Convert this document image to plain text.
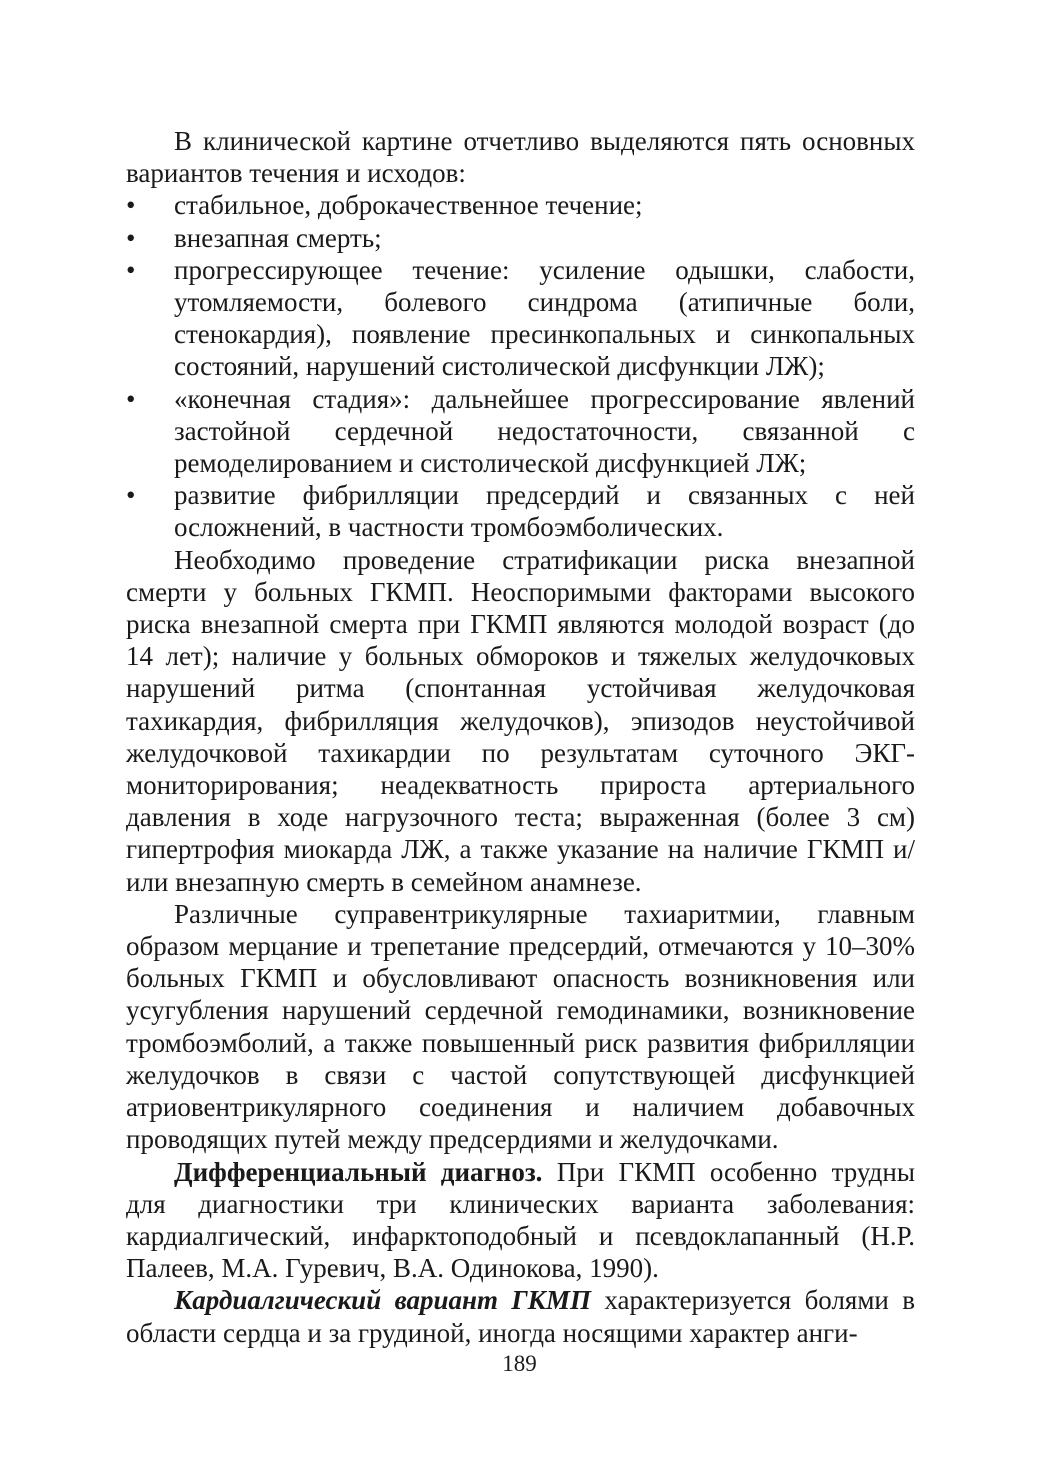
В клинической картине отчетливо выделяются пять основных вариантов течения и исходов:

•	стабильное, доброкачественное течение;
•	внезапная смерть;
•	прогрессирующее течение: усиление одышки, слабости, утомляемости, болевого синдрома (атипичные боли, стенокардия), появление пресинкопальных и синкопальных состояний, нарушений систолической дисфункции ЛЖ);
•	«конечная стадия»: дальнейшее прогрессирование явлений застойной сердечной недостаточности, связанной с ремоделированием и систолической дисфункцией ЛЖ;
•	развитие фибрилляции предсердий и связанных с ней осложнений, в частности тромбоэмболических.

Необходимо проведение стратификации риска внезапной смерти у больных ГКМП. Неоспоримыми факторами высокого риска внезапной смерта при ГКМП являются молодой возраст (до 14 лет); наличие у больных обмороков и тяжелых желудочковых нарушений ритма (спонтанная устойчивая желудочковая тахикардия, фибрилляция желудочков), эпизодов неустойчивой желудочковой тахикардии по результатам суточного ЭКГ-мониторирования; неадекватность прироста артериального давления в ходе нагрузочного теста; выраженная (более 3 см) гипертрофия миокарда ЛЖ, а также указание на наличие ГКМП и/или внезапную смерть в семейном анамнезе.

Различные суправентрикулярные тахиаритмии, главным образом мерцание и трепетание предсердий, отмечаются у 10–30% больных ГКМП и обусловливают опасность возникновения или усугубления нарушений сердечной гемодинамики, возникновение тромбоэмболий, а также повышенный риск развития фибрилляции желудочков в связи с частой сопутствующей дисфункцией атриовентрикулярного соединения и наличием добавочных проводящих путей между предсердиями и желудочками.

Дифференциальный диагноз. При ГКМП особенно трудны для диагностики три клинических варианта заболевания: кардиалгический, инфарктоподобный и псевдоклапанный (Н.Р. Палеев, М.А. Гуревич, В.А. Одинокова, 1990).

Кардиалгический вариант ГКМП характеризуется болями в области сердца и за грудиной, иногда носящими характер анги-

189
